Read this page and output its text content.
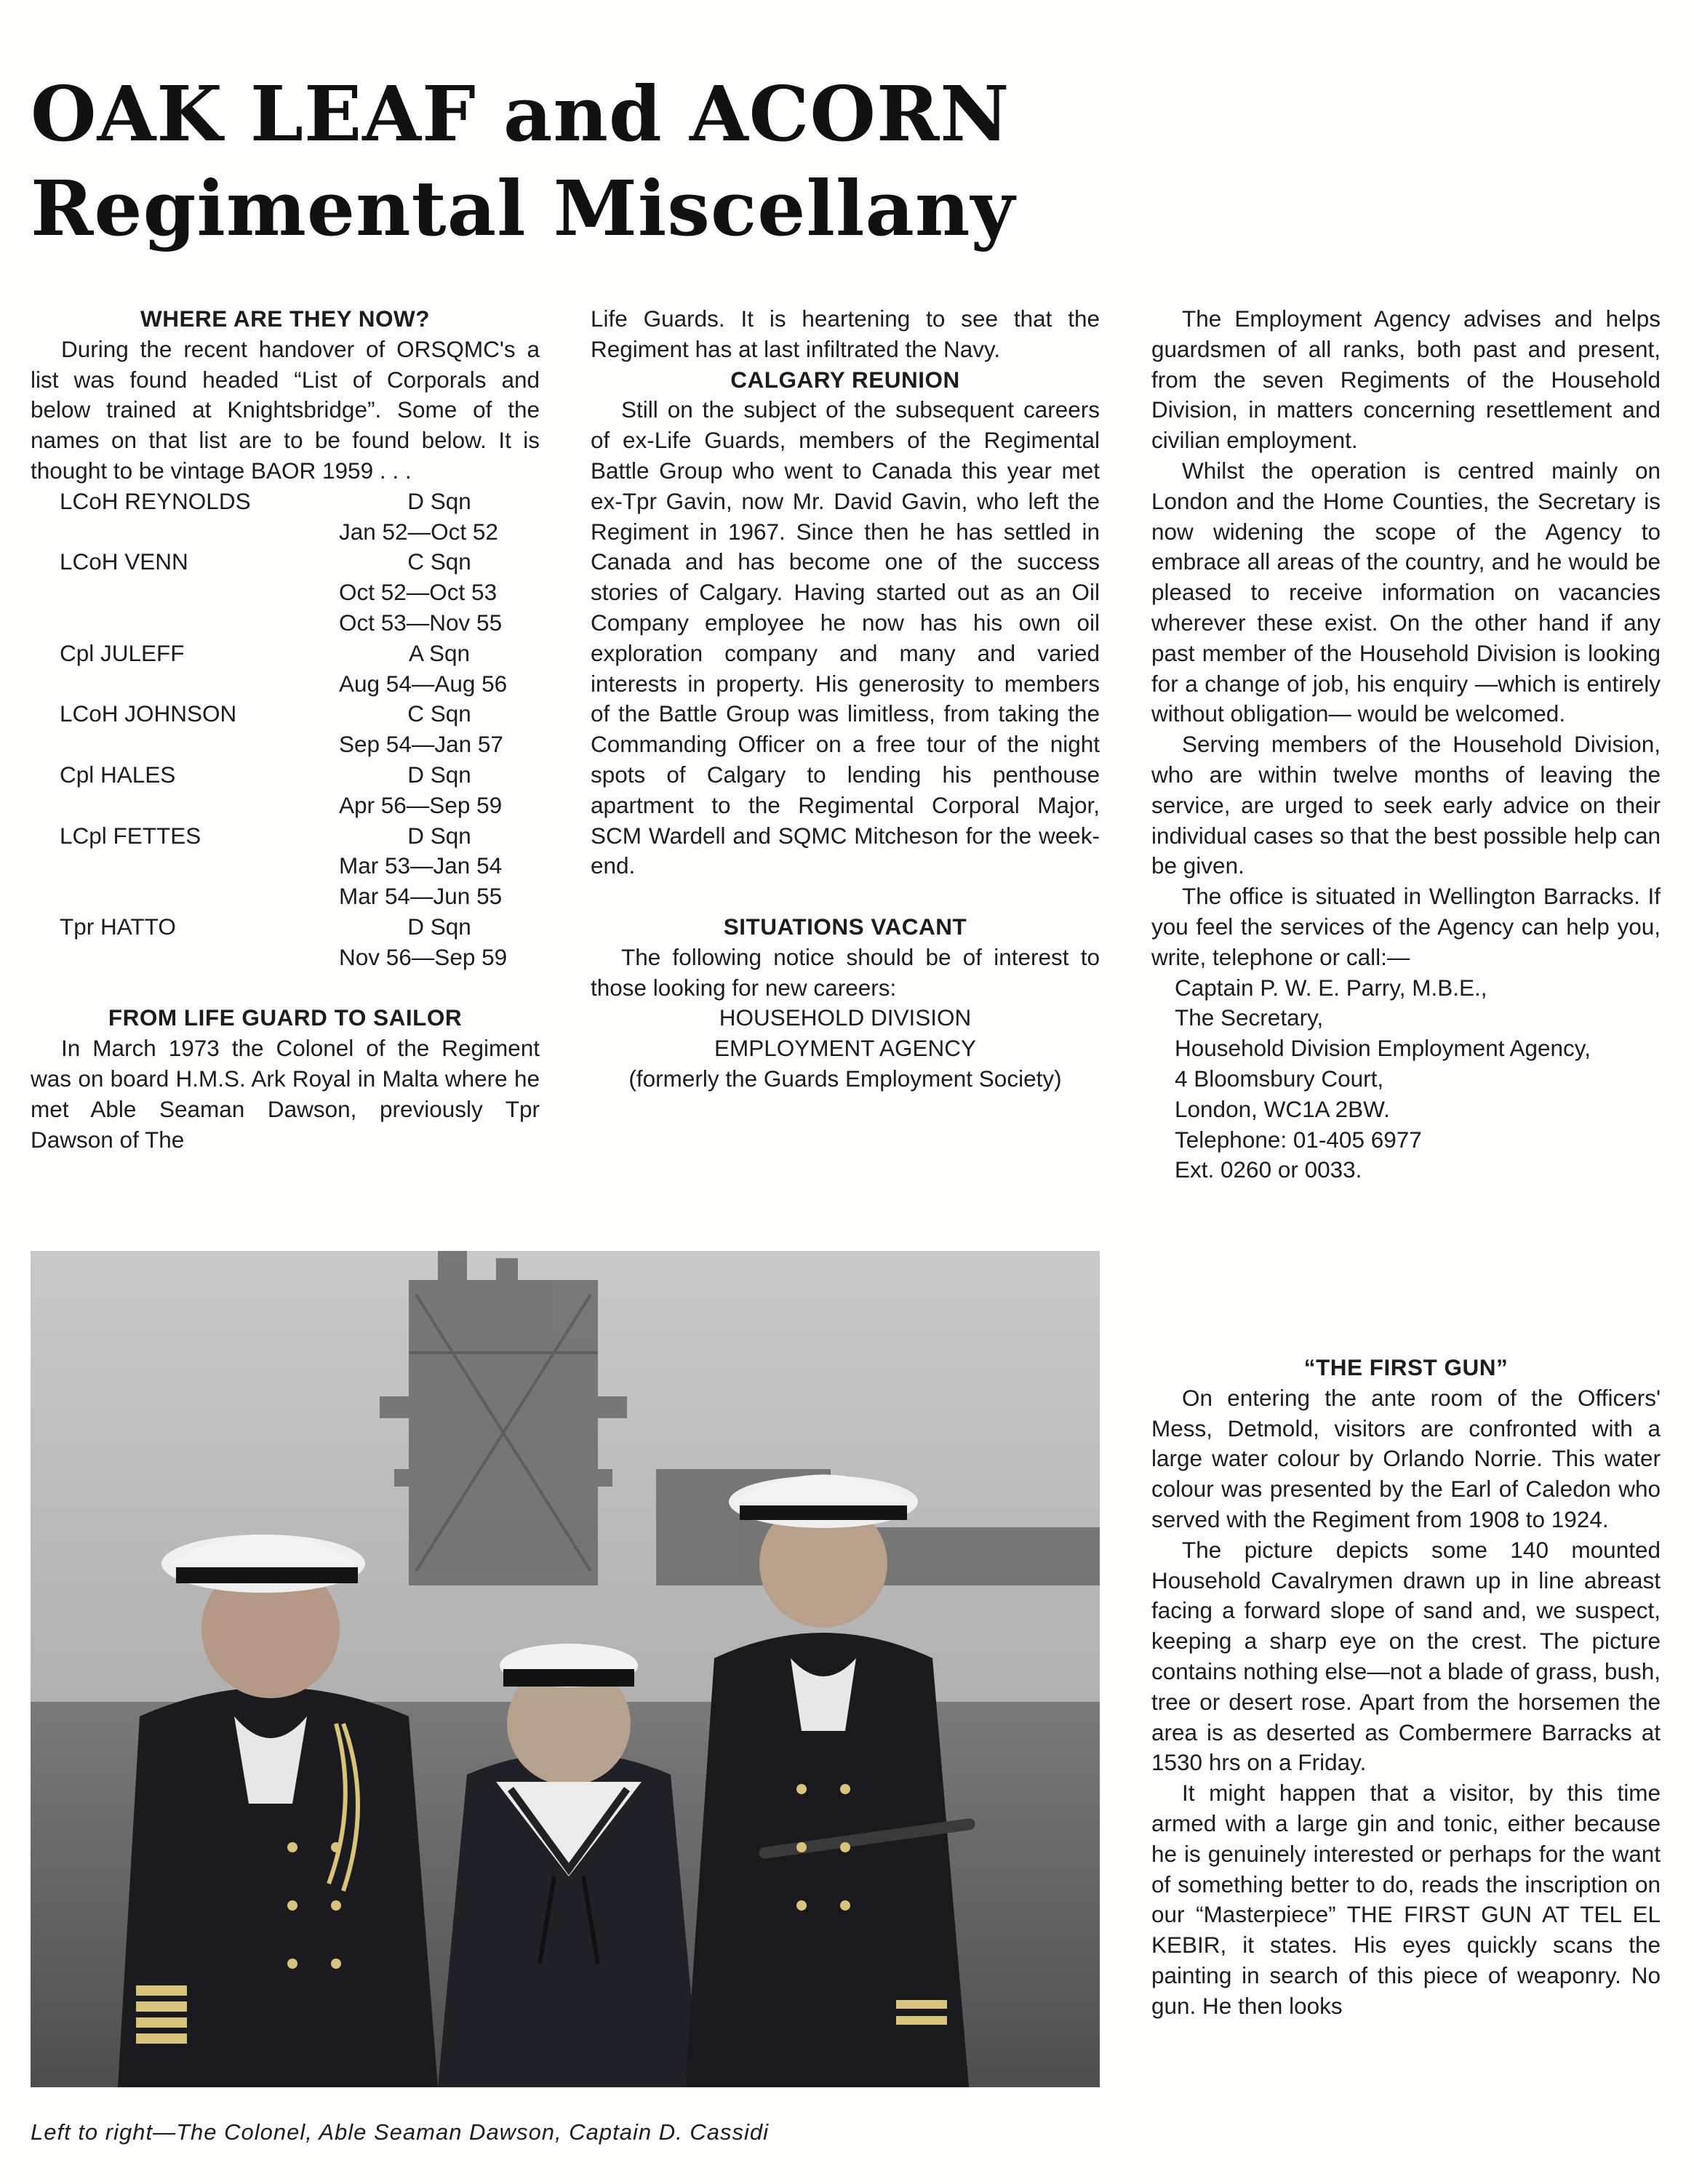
OAK LEAF and ACORN
Regimental Miscellany
WHERE ARE THEY NOW?

During the recent handover of ORSQMC's a list was found headed “List of Corporals and below trained at Knightsbridge”. Some of the names on that list are to be found below. It is thought to be vintage BAOR 1959 . . .

LCoH REYNOLDS	D Sqn
Jan 52—Oct 52
LCoH VENN	C Sqn
Oct 52—Oct 53
Oct 53—Nov 55
Cpl JULEFF	A Sqn
Aug 54—Aug 56
LCoH JOHNSON	C Sqn
Sep 54—Jan 57
Cpl HALES	D Sqn
Apr 56—Sep 59
LCpl FETTES	D Sqn
Mar 53—Jan 54
Mar 54—Jun 55
Tpr HATTO	D Sqn
Nov 56—Sep 59
FROM LIFE GUARD TO SAILOR

In March 1973 the Colonel of the Regiment was on board H.M.S. Ark Royal in Malta where he met Able Seaman Dawson, previously Tpr Dawson of The

Life Guards. It is heartening to see that the Regiment has at last infiltrated the Navy.

CALGARY REUNION

Still on the subject of the subsequent careers of ex-Life Guards, members of the Regimental Battle Group who went to Canada this year met ex-Tpr Gavin, now Mr. David Gavin, who left the Regiment in 1967. Since then he has settled in Canada and has become one of the success stories of Calgary. Having started out as an Oil Company employee he now has his own oil exploration company and many and varied interests in property. His generosity to members of the Battle Group was limitless, from taking the Commanding Officer on a free tour of the night spots of Calgary to lending his penthouse apartment to the Regimental Corporal Major, SCM Wardell and SQMC Mitcheson for the week-end.

SITUATIONS VACANT

The following notice should be of interest to those looking for new careers:

HOUSEHOLD DIVISION
EMPLOYMENT AGENCY
(formerly the Guards Employment Society)

The Employment Agency advises and helps guardsmen of all ranks, both past and present, from the seven Regiments of the Household Division, in matters concerning resettlement and civilian employment.

Whilst the operation is centred mainly on London and the Home Counties, the Secretary is now widening the scope of the Agency to embrace all areas of the country, and he would be pleased to receive information on vacancies wherever these exist. On the other hand if any past member of the Household Division is looking for a change of job, his enquiry —which is entirely without obligation— would be welcomed.

Serving members of the Household Division, who are within twelve months of leaving the service, are urged to seek early advice on their individual cases so that the best possible help can be given.

The office is situated in Wellington Barracks. If you feel the services of the Agency can help you, write, telephone or call:—

Captain P. W. E. Parry, M.B.E.,
The Secretary,
Household Division Employment Agency,
4 Bloomsbury Court,
London, WC1A 2BW.
Telephone: 01-405 6977
Ext. 0260 or 0033.
“THE FIRST GUN”

On entering the ante room of the Officers' Mess, Detmold, visitors are confronted with a large water colour by Orlando Norrie. This water colour was presented by the Earl of Caledon who served with the Regiment from 1908 to 1924.

The picture depicts some 140 mounted Household Cavalrymen drawn up in line abreast facing a forward slope of sand and, we suspect, keeping a sharp eye on the crest. The picture contains nothing else—not a blade of grass, bush, tree or desert rose. Apart from the horsemen the area is as deserted as Combermere Barracks at 1530 hrs on a Friday.

It might happen that a visitor, by this time armed with a large gin and tonic, either because he is genuinely interested or perhaps for the want of something better to do, reads the inscription on our “Masterpiece” THE FIRST GUN AT TEL EL KEBIR, it states. His eyes quickly scans the painting in search of this piece of weaponry. No gun. He then looks

Left to right—The Colonel, Able Seaman Dawson, Captain D. Cassidi
